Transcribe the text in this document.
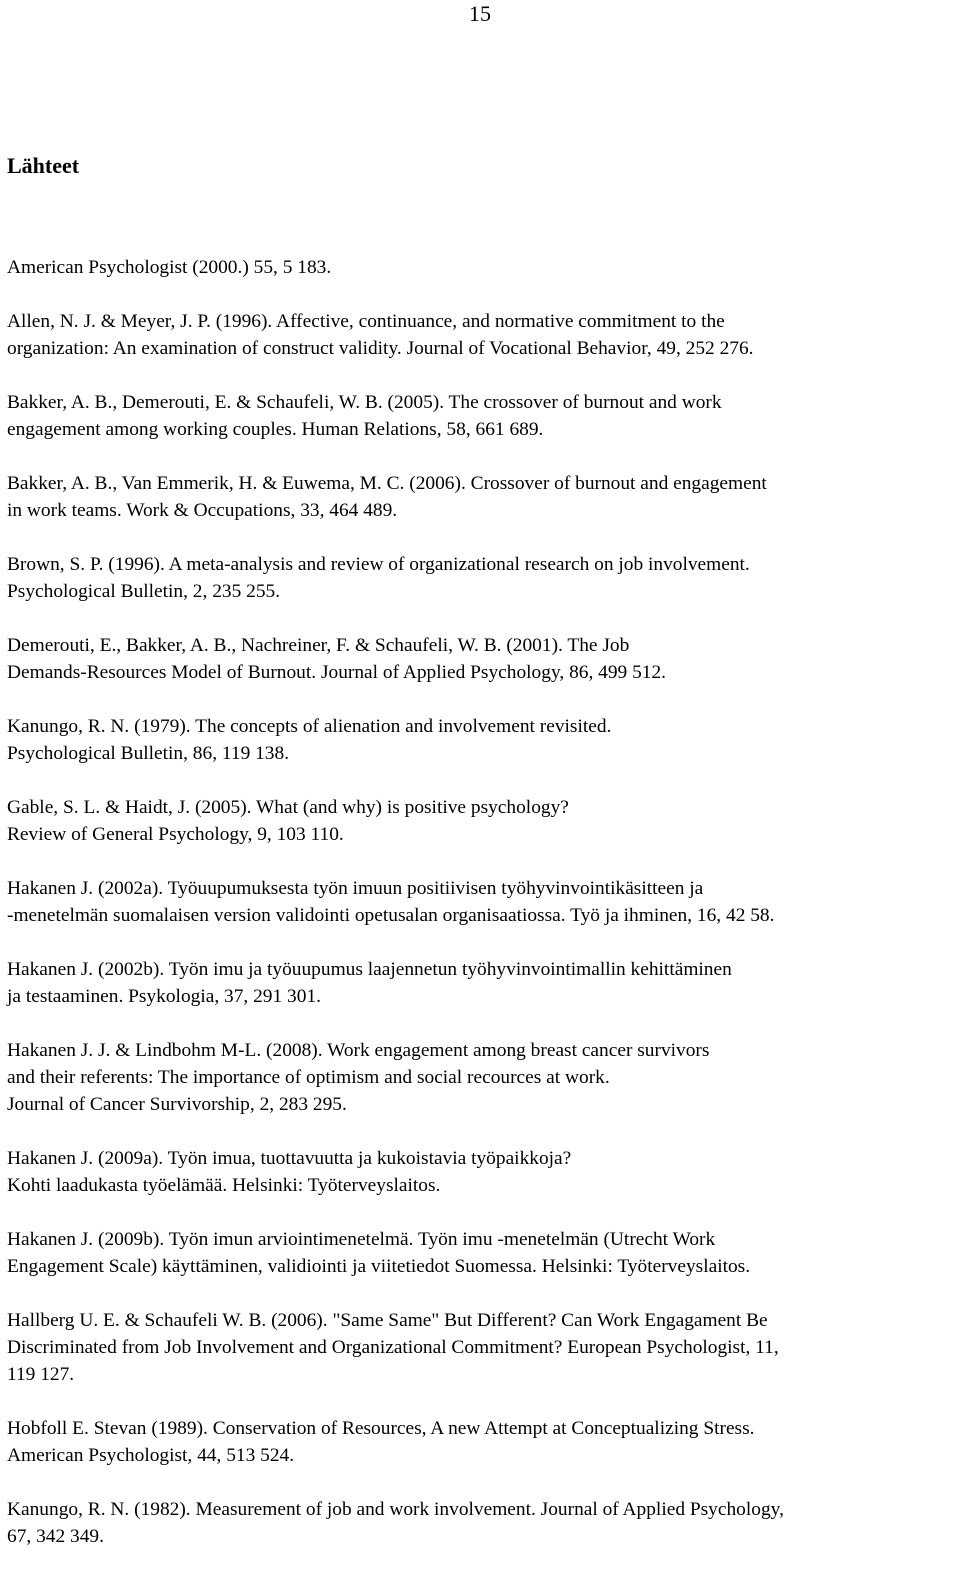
15
Lähteet
American Psychologist (2000.) 55, 5 183.
Allen, N. J. & Meyer, J. P. (1996). Affective, continuance, and normative commitment to the
organization: An examination of construct validity. Journal of Vocational Behavior, 49, 252 276.
Bakker, A. B., Demerouti, E. & Schaufeli, W. B. (2005). The crossover of burnout and work
engagement among working couples. Human Relations, 58, 661 689.
Bakker, A. B., Van Emmerik, H. & Euwema, M. C. (2006). Crossover of burnout and engagement
in work teams. Work & Occupations, 33, 464 489.
Brown, S. P. (1996). A meta-analysis and review of organizational research on job involvement.
Psychological Bulletin, 2, 235 255.
Demerouti, E., Bakker, A. B., Nachreiner, F. & Schaufeli, W. B. (2001). The Job
Demands-Resources Model of Burnout. Journal of Applied Psychology, 86, 499 512.
Kanungo, R. N. (1979). The concepts of alienation and involvement revisited.
Psychological Bulletin, 86, 119 138.
Gable, S. L. & Haidt, J. (2005). What (and why) is positive psychology?
Review of General Psychology, 9, 103 110.
Hakanen J. (2002a). Työuupumuksesta työn imuun positiivisen työhyvinvointikäsitteen ja
-menetelmän suomalaisen version validointi opetusalan organisaatiossa. Työ ja ihminen, 16, 42 58.
Hakanen J. (2002b). Työn imu ja työuupumus laajennetun työhyvinvointimallin kehittäminen
ja testaaminen. Psykologia, 37, 291 301.
Hakanen J. J. & Lindbohm M-L. (2008). Work engagement among breast cancer survivors
and their referents: The importance of optimism and social recources at work.
Journal of Cancer Survivorship, 2, 283 295.
Hakanen J. (2009a). Työn imua, tuottavuutta ja kukoistavia työpaikkoja?
Kohti laadukasta työelämää. Helsinki: Työterveyslaitos.
Hakanen J. (2009b). Työn imun arviointimenetelmä. Työn imu -menetelmän (Utrecht Work
Engagement Scale) käyttäminen, validiointi ja viitetiedot Suomessa. Helsinki: Työterveyslaitos.
Hallberg U. E. & Schaufeli W. B. (2006). "Same Same" But Different? Can Work Engagament Be
Discriminated from Job Involvement and Organizational Commitment? European Psychologist, 11,
119 127.
Hobfoll E. Stevan (1989). Conservation of Resources, A new Attempt at Conceptualizing Stress.
American Psychologist, 44, 513 524.
Kanungo, R. N. (1982). Measurement of job and work involvement. Journal of Applied Psychology,
67, 342 349.
